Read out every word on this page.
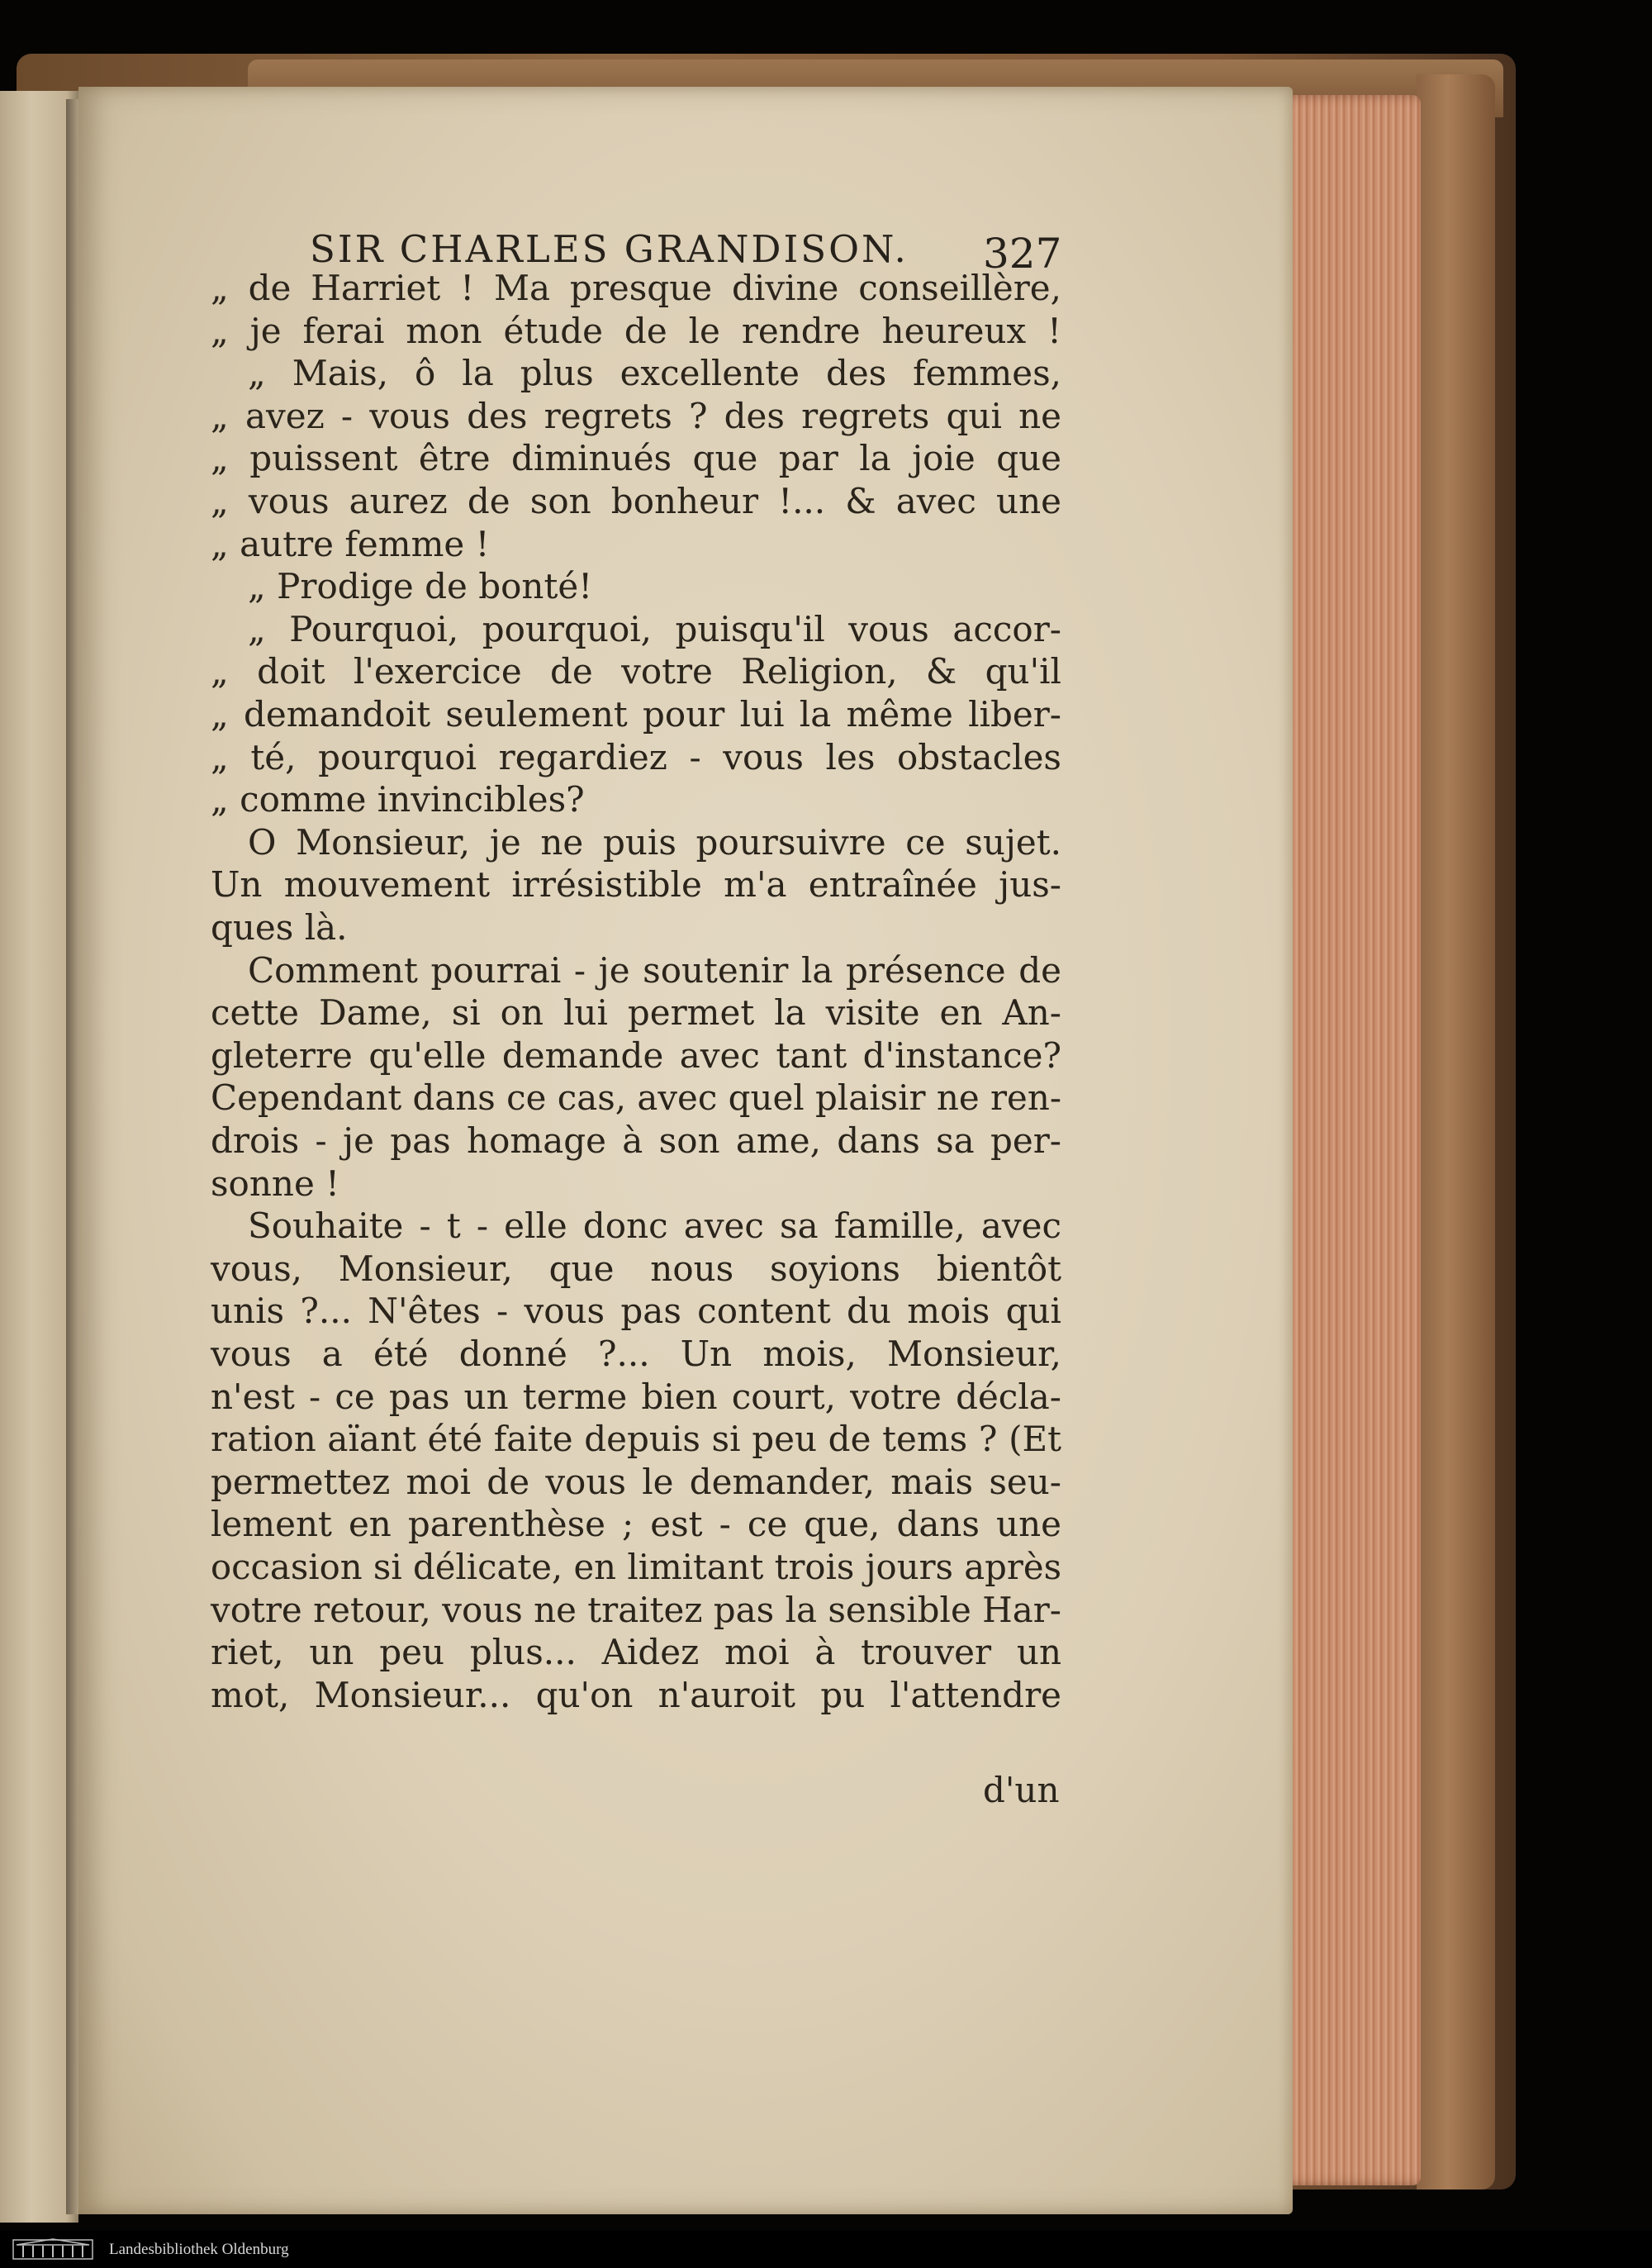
SIR CHARLES GRANDISON. 327
„ de Harriet ! Ma presque divine conseillère,
„ je ferai mon étude de le rendre heureux !
„ Mais, ô la plus excellente des femmes,
„ avez - vous des regrets ? des regrets qui ne
„ puissent être diminués que par la joie que
„ vous aurez de son bonheur !... & avec une
„ autre femme !
„ Prodige de bonté!
„ Pourquoi, pourquoi, puisqu'il vous accor-
„ doit l'exercice de votre Religion, & qu'il
„ demandoit seulement pour lui la même liber-
„ té, pourquoi regardiez - vous les obstacles
„ comme invincibles?
O Monsieur, je ne puis poursuivre ce sujet.
Un mouvement irrésistible m'a entraînée jus-
ques là.
Comment pourrai - je soutenir la présence de
cette Dame, si on lui permet la visite en An-
gleterre qu'elle demande avec tant d'instance?
Cependant dans ce cas, avec quel plaisir ne ren-
drois - je pas homage à son ame, dans sa per-
sonne !
Souhaite - t - elle donc avec sa famille, avec
vous, Monsieur, que nous soyions bientôt
unis ?... N'êtes - vous pas content du mois qui
vous a été donné ?... Un mois, Monsieur,
n'est - ce pas un terme bien court, votre décla-
ration aïant été faite depuis si peu de tems ? (Et
permettez moi de vous le demander, mais seu-
lement en parenthèse ; est - ce que, dans une
occasion si délicate, en limitant trois jours après
votre retour, vous ne traitez pas la sensible Har-
riet, un peu plus... Aidez moi à trouver un
mot, Monsieur... qu'on n'auroit pu l'attendre
d'un
Landesbibliothek Oldenburg
